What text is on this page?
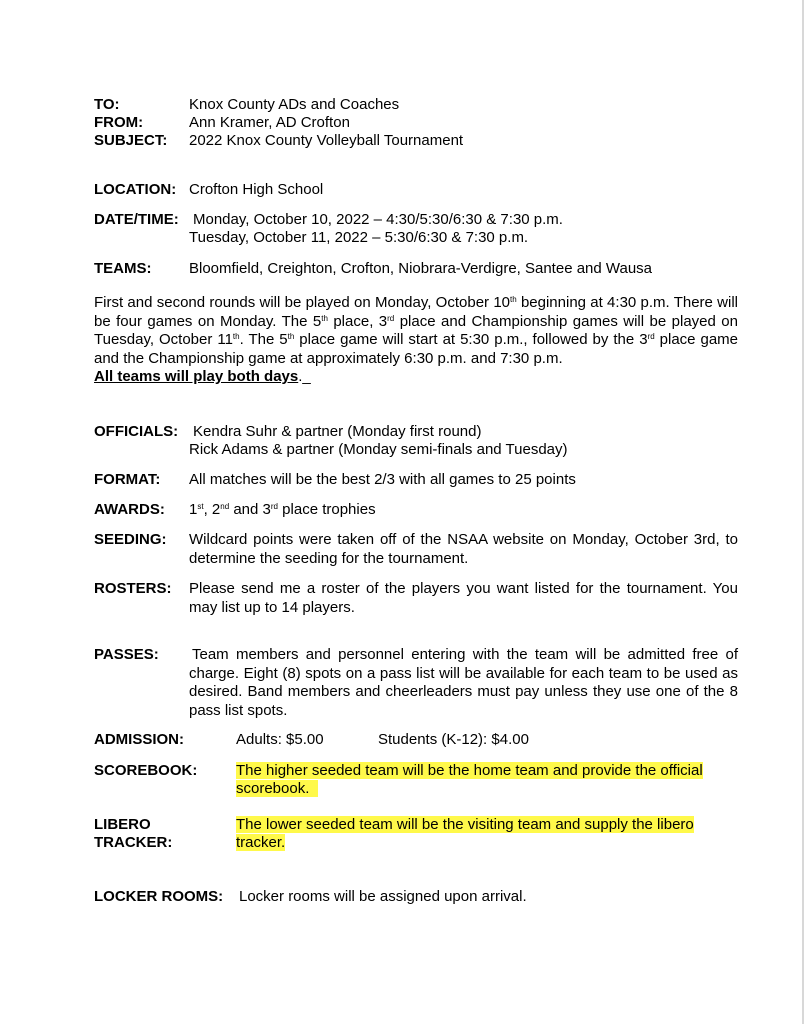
TO:	Knox County ADs and Coaches
FROM:	Ann Kramer, AD Crofton
SUBJECT: 2022 Knox County Volleyball Tournament
LOCATION: Crofton High School
DATE/TIME: Monday, October 10, 2022 – 4:30/5:30/6:30 & 7:30 p.m.
Tuesday, October 11, 2022 – 5:30/6:30 & 7:30 p.m.
TEAMS:	Bloomfield, Creighton, Crofton, Niobrara-Verdigre, Santee and Wausa
First and second rounds will be played on Monday, October 10th beginning at 4:30 p.m. There will be four games on Monday. The 5th place, 3rd place and Championship games will be played on Tuesday, October 11th. The 5th place game will start at 5:30 p.m., followed by the 3rd place game and the Championship game at approximately 6:30 p.m. and 7:30 p.m.
All teams will play both days._
OFFICIALS: Kendra Suhr & partner (Monday first round)
Rick Adams & partner (Monday semi-finals and Tuesday)
FORMAT: All matches will be the best 2/3 with all games to 25 points
AWARDS: 1st, 2nd and 3rd place trophies
SEEDING: Wildcard points were taken off of the NSAA website on Monday, October 3rd, to determine the seeding for the tournament.
ROSTERS: Please send me a roster of the players you want listed for the tournament. You may list up to 14 players.
PASSES: Team members and personnel entering with the team will be admitted free of charge. Eight (8) spots on a pass list will be available for each team to be used as desired. Band members and cheerleaders must pay unless they use one of the 8 pass list spots.
ADMISSION:	Adults: $5.00	Students (K-12): $4.00
SCOREBOOK:	The higher seeded team will be the home team and provide the official
scorebook.
LIBERO
TRACKER:
The lower seeded team will be the visiting team and supply the libero
tracker.
LOCKER ROOMS: Locker rooms will be assigned upon arrival.
